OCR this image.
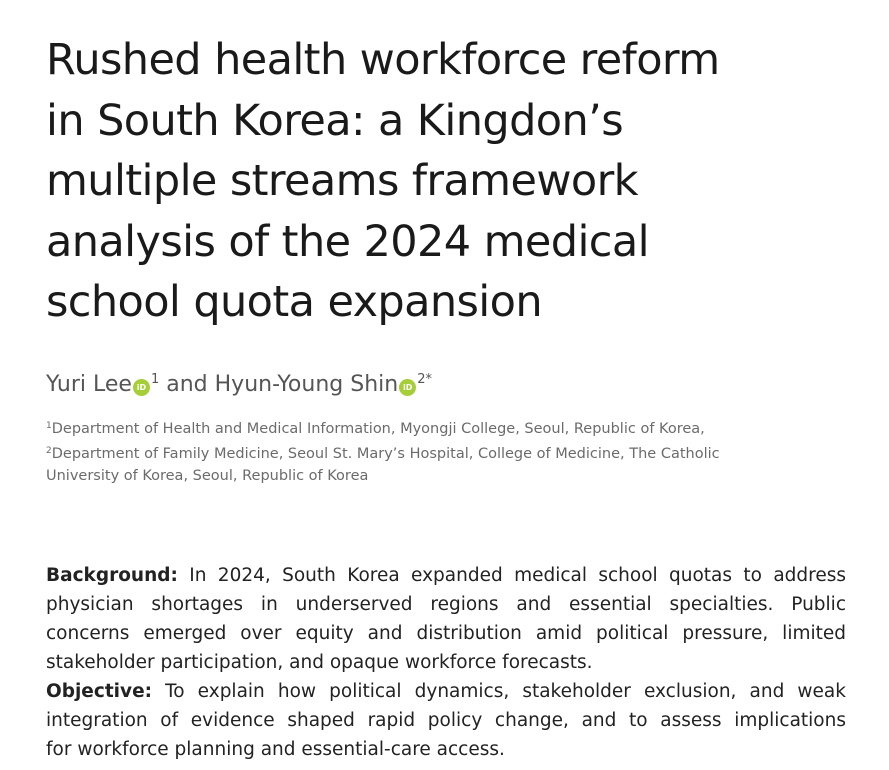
Rushed health workforce reform
in South Korea: a Kingdon’s
multiple streams framework
analysis of the 2024 medical
school quota expansion
Yuri Lee $iD^1$ and Hyun-Young Shin $iD^{2*}$
$^1$Department of Health and Medical Information, Myongji College, Seoul, Republic of Korea,
$^2$Department of Family Medicine, Seoul St. Mary’s Hospital, College of Medicine, The Catholic
University of Korea, Seoul, Republic of Korea
Background: In 2024, South Korea expanded medical school quotas to address
physician shortages in underserved regions and essential specialties. Public
concerns emerged over equity and distribution amid political pressure, limited
stakeholder participation, and opaque workforce forecasts.
Objective: To explain how political dynamics, stakeholder exclusion, and weak
integration of evidence shaped rapid policy change, and to assess implications
for workforce planning and essential-care access.
